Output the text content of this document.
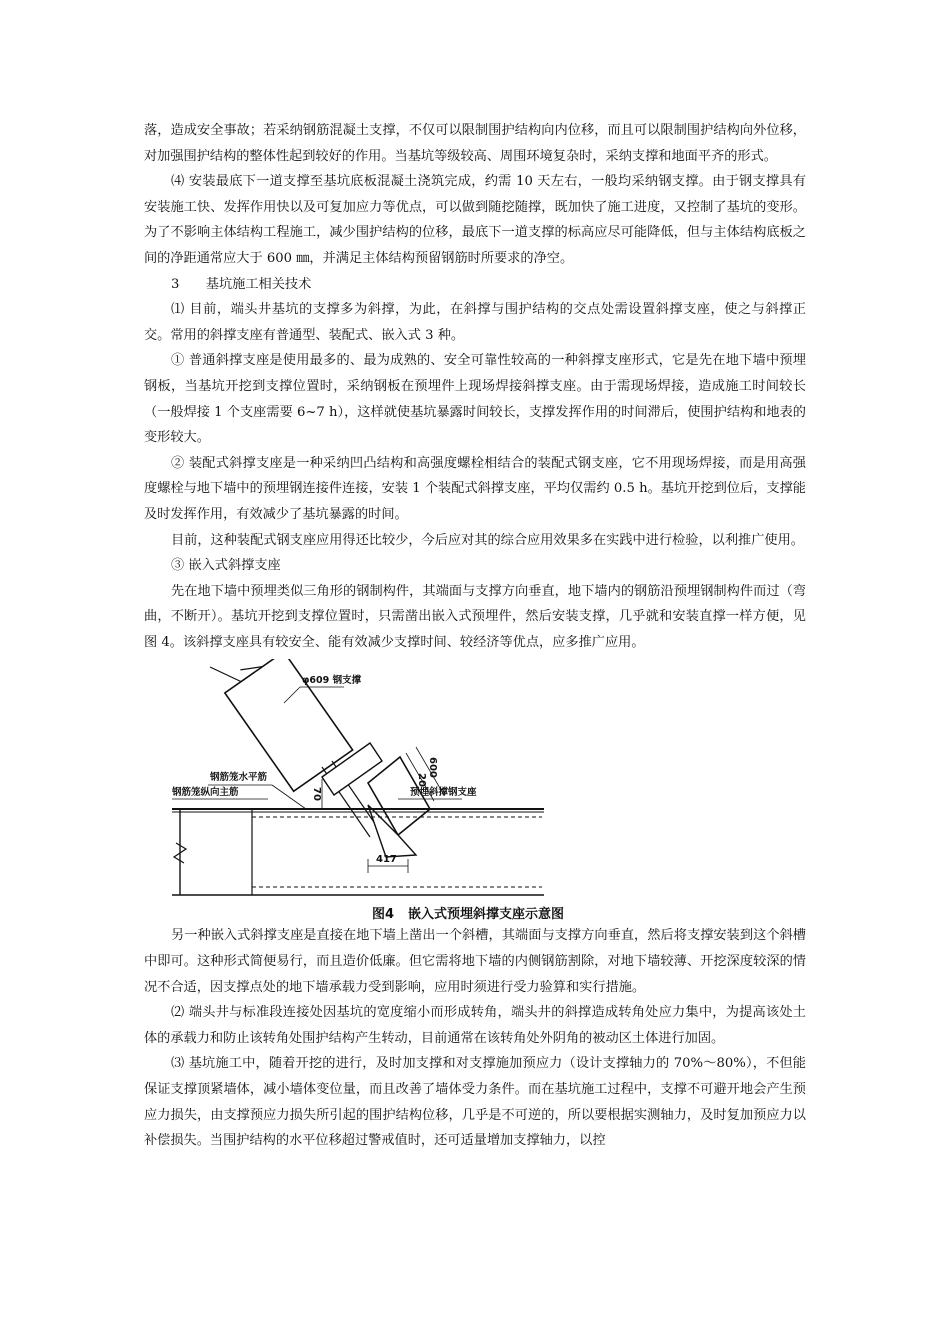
落，造成安全事故；若采纳钢筋混凝土支撑，不仅可以限制围护结构向内位移，而且可以限制围护结构向外位移，对加强围护结构的整体性起到较好的作用。当基坑等级较高、周围环境复杂时，采纳支撑和地面平齐的形式。

⑷ 安装最底下一道支撑至基坑底板混凝土浇筑完成，约需 10 天左右，一般均采纳钢支撑。由于钢支撑具有安装施工快、发挥作用快以及可复加应力等优点，可以做到随挖随撑，既加快了施工进度，又控制了基坑的变形。为了不影响主体结构工程施工，减少围护结构的位移，最底下一道支撑的标高应尽可能降低，但与主体结构底板之间的净距通常应大于 600 ㎜，并满足主体结构预留钢筋时所要求的净空。

3　　基坑施工相关技术

⑴ 目前，端头井基坑的支撑多为斜撑，为此，在斜撑与围护结构的交点处需设置斜撑支座，使之与斜撑正交。常用的斜撑支座有普通型、装配式、嵌入式 3 种。

① 普通斜撑支座是使用最多的、最为成熟的、安全可靠性较高的一种斜撑支座形式，它是先在地下墙中预埋钢板，当基坑开挖到支撑位置时，采纳钢板在预埋件上现场焊接斜撑支座。由于需现场焊接，造成施工时间较长（一般焊接 1 个支座需要 6~7 h），这样就使基坑暴露时间较长，支撑发挥作用的时间滞后，使围护结构和地表的变形较大。

② 装配式斜撑支座是一种采纳凹凸结构和高强度螺栓相结合的装配式钢支座，它不用现场焊接，而是用高强度螺栓与地下墙中的预埋钢连接件连接，安装 1 个装配式斜撑支座，平均仅需约 0.5 h。基坑开挖到位后，支撑能及时发挥作用，有效减少了基坑暴露的时间。

目前，这种装配式钢支座应用得还比较少，今后应对其的综合应用效果多在实践中进行检验，以利推广使用。

③ 嵌入式斜撑支座

先在地下墙中预埋类似三角形的钢制构件，其端面与支撑方向垂直，地下墙内的钢筋沿预埋钢制构件而过（弯曲，不断开）。基坑开挖到支撑位置时，只需凿出嵌入式预埋件，然后安装支撑，几乎就和安装直撑一样方便，见图 4。该斜撑支座具有较安全、能有效减少支撑时间、较经济等优点，应多推广应用。

φ609 钢支撑
钢筋笼水平筋
钢筋笼纵向主筋	预埋斜撑钢支座
600
20
70
417
图4 嵌入式预埋斜撑支座示意图

另一种嵌入式斜撑支座是直接在地下墙上凿出一个斜槽，其端面与支撑方向垂直，然后将支撑安装到这个斜槽中即可。这种形式简便易行，而且造价低廉。但它需将地下墙的内侧钢筋割除，对地下墙较薄、开挖深度较深的情况不合适，因支撑点处的地下墙承载力受到影响，应用时须进行受力验算和实行措施。

⑵ 端头井与标准段连接处因基坑的宽度缩小而形成转角，端头井的斜撑造成转角处应力集中，为提高该处土体的承载力和防止该转角处围护结构产生转动，目前通常在该转角处外阴角的被动区土体进行加固。

⑶ 基坑施工中，随着开挖的进行，及时加支撑和对支撑施加预应力（设计支撑轴力的 70%～80%），不但能保证支撑顶紧墙体，减小墙体变位量，而且改善了墙体受力条件。而在基坑施工过程中，支撑不可避开地会产生预应力损失，由支撑预应力损失所引起的围护结构位移，几乎是不可逆的，所以要根据实测轴力，及时复加预应力以补偿损失。当围护结构的水平位移超过警戒值时，还可适量增加支撑轴力，以控
